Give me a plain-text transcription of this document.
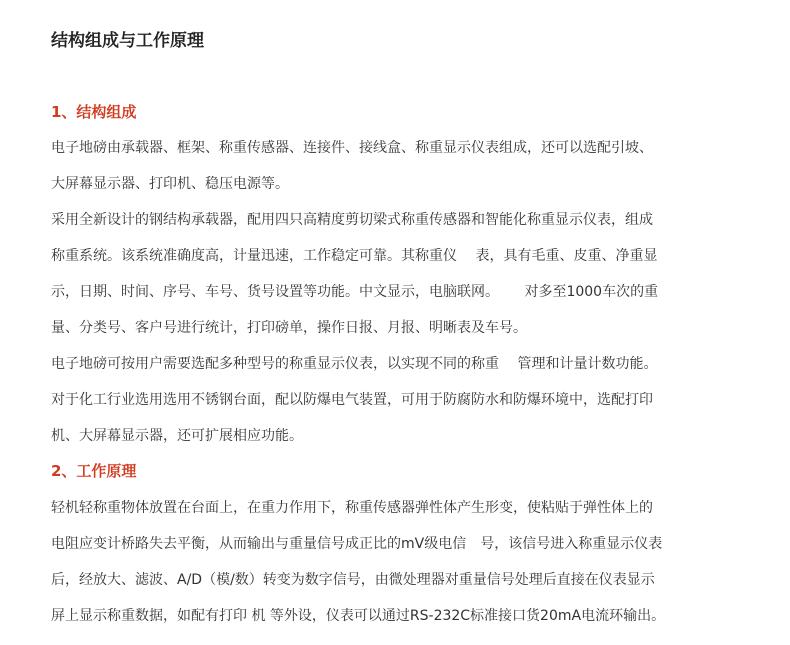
结构组成与工作原理
1、结构组成

电子地磅由承载器、框架、称重传感器、连接件、接线盒、称重显示仪表组成，还可以选配引坡、

大屏幕显示器、打印机、稳压电源等。

采用全新设计的钢结构承载器，配用四只高精度剪切梁式称重传感器和智能化称重显示仪表，组成

称重系统。该系统准确度高，计量迅速，工作稳定可靠。其称重仪　 表，具有毛重、皮重、净重显

示，日期、时间、序号、车号、货号设置等功能。中文显示，电脑联网。　　 对多至1000车次的重

量、分类号、客户号进行统计，打印磅单，操作日报、月报、明晰表及车号。

电子地磅可按用户需要选配多种型号的称重显示仪表，以实现不同的称重　 管理和计量计数功能。

对于化工行业选用选用不锈钢台面，配以防爆电气装置，可用于防腐防水和防爆环境中，选配打印

机、大屏幕显示器，还可扩展相应功能。

2、工作原理

轻机轻称重物体放置在台面上，在重力作用下，称重传感器弹性体产生形变，使粘贴于弹性体上的

电阻应变计桥路失去平衡，从而输出与重量信号成正比的mV级电信　号，该信号进入称重显示仪表

后，经放大、滤波、A/D（模/数）转变为数字信号，由微处理器对重量信号处理后直接在仪表显示

屏上显示称重数据，如配有打印 机 等外设，仪表可以通过RS-232C标准接口货20mA电流环输出。
